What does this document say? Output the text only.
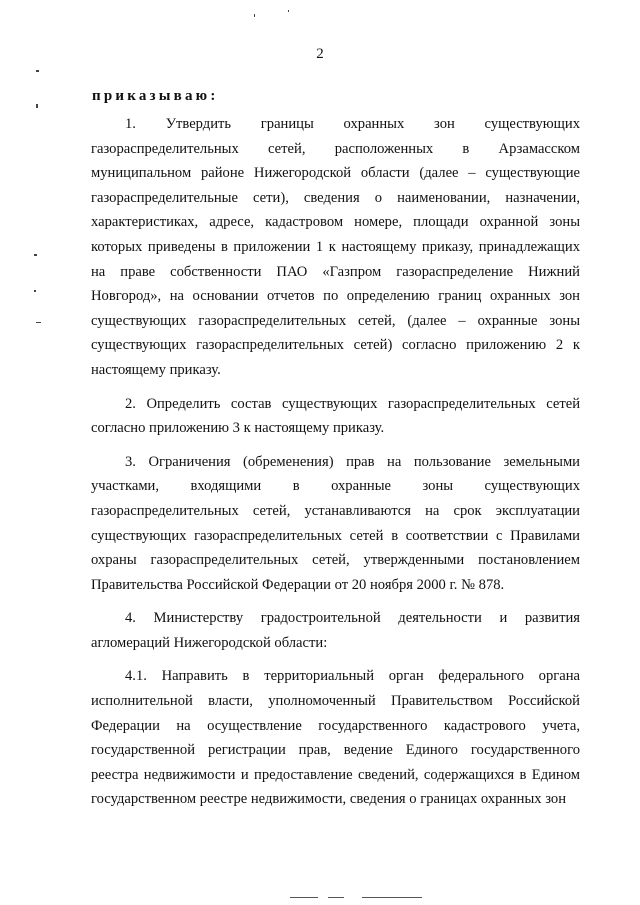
2
приказываю:

1. Утвердить границы охранных зон существующих газораспределительных сетей, расположенных в Арзамасском муниципальном районе Нижегородской области (далее – существующие газораспределительные сети), сведения о наименовании, назначении, характеристиках, адресе, кадастровом номере, площади охранной зоны которых приведены в приложении 1 к настоящему приказу, принадлежащих на праве собственности ПАО «Газпром газораспределение Нижний Новгород», на основании отчетов по определению границ охранных зон существующих газораспределительных сетей, (далее – охранные зоны существующих газораспределительных сетей) согласно приложению 2 к настоящему приказу.

2. Определить состав существующих газораспределительных сетей согласно приложению 3 к настоящему приказу.

3. Ограничения (обременения) прав на пользование земельными участками, входящими в охранные зоны существующих газораспределительных сетей, устанавливаются на срок эксплуатации существующих газораспределительных сетей в соответствии с Правилами охраны газораспределительных сетей, утвержденными постановлением Правительства Российской Федерации от 20 ноября 2000 г. № 878.

4. Министерству градостроительной деятельности и развития агломераций Нижегородской области:

4.1. Направить в территориальный орган федерального органа исполнительной власти, уполномоченный Правительством Российской Федерации на осуществление государственного кадастрового учета, государственной регистрации прав, ведение Единого государственного реестра недвижимости и предоставление сведений, содержащихся в Едином государственном реестре недвижимости, сведения о границах охранных зон
